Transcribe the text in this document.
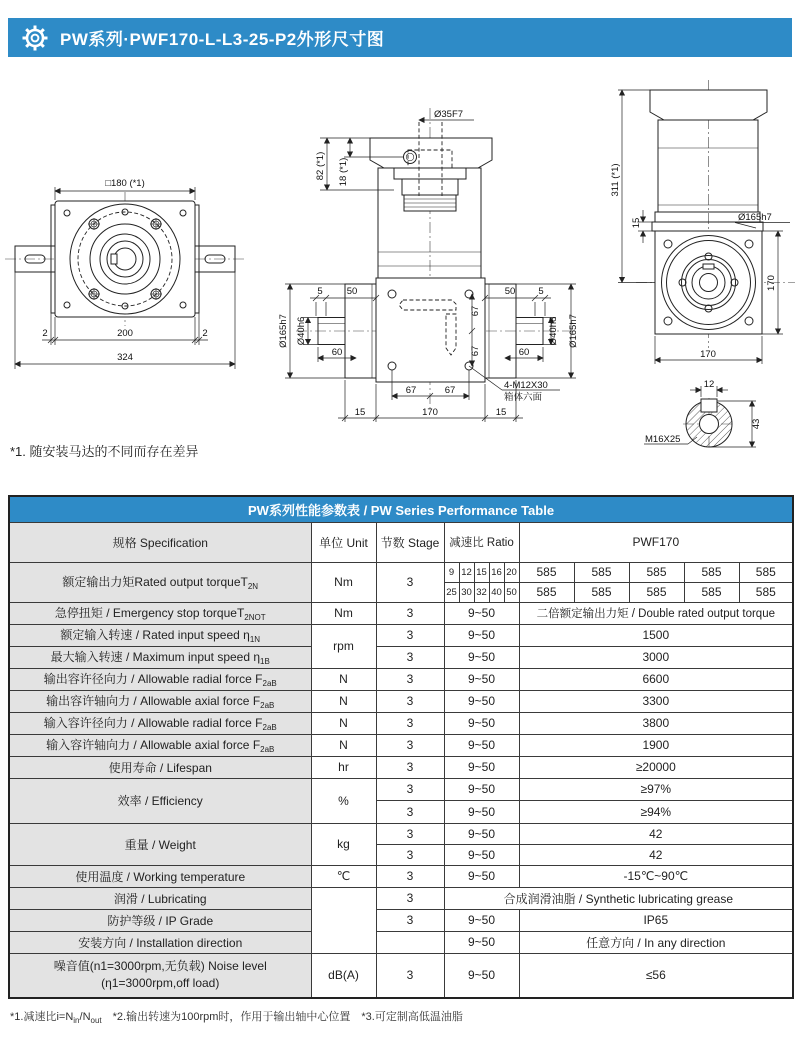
PW系列·PWF170-L-L3-25-P2外形尺寸图
□180 (*1)
2	200	2
324
Ø35F7
82 (*1) 18 (*1)
5	50	50 5
60	60
Ø40h6
Ø165h7	Ø40h6 Ø165h7
67
67
67	67
15	170	15
4-M12X30
箱体六面
311 (*1)
15	Ø165h7
170
170
12
43
M16X25
*1. 随安装马达的不同而存在差异
PW系列性能参数表 / PW Series Performance Table												
规格 Specification	单位 Unit	节数 Stage	减速比 Ratio					PWF170				
额定输出力矩Rated output torqueT$_{2N}$	Nm	3	9	12	15	16	20	585	585	585	585	585
			25	30	32	40	50	585	585	585	585	585
急停扭矩 / Emergency stop torqueT$_{2NOT}$	Nm	3	9~50					二倍额定输出力矩 / Double rated output torque				
额定输入转速 / Rated input speed $\eta_{1N}$	rpm	3	9~50					1500				
最大输入转速 / Maximum input speed $\eta_{1B}$		3	9~50					3000				
输出容许径向力 / Allowable radial force $F_{2aB}$	N	3	9~50					6600				
输出容许轴向力 / Allowable axial force $F_{2aB}$	N	3	9~50					3300				
输入容许径向力 / Allowable radial force $F_{2aB}$	N	3	9~50					3800				
输入容许轴向力 / Allowable axial force $F_{2aB}$	N	3	9~50					1900				
使用寿命 / Lifespan	hr	3	9~50					≥20000				
效率 / Efficiency	%	3	9~50					≥97%				
		3	9~50					≥94%				
重量 / Weight	kg	3	9~50					42				
		3	9~50					42				
使用温度 / Working temperature	℃	3	9~50					-15℃~90℃				
润滑 / Lubricating		3	合成润滑油脂 / Synthetic lubricating grease									
防护等级 / IP Grade		3	9~50					IP65				
安装方向 / Installation direction			9~50					任意方向 / In any direction				

噪音值(n1=3000rpm,无负载) Noise level
(η1=3000rpm,off load)	dB(A)	3	9~50					≤56				
*1.减速比$i=N_{in}/N_{out}$　*2.输出转速为100rpm时，作用于输出轴中心位置　*3.可定制高低温油脂
